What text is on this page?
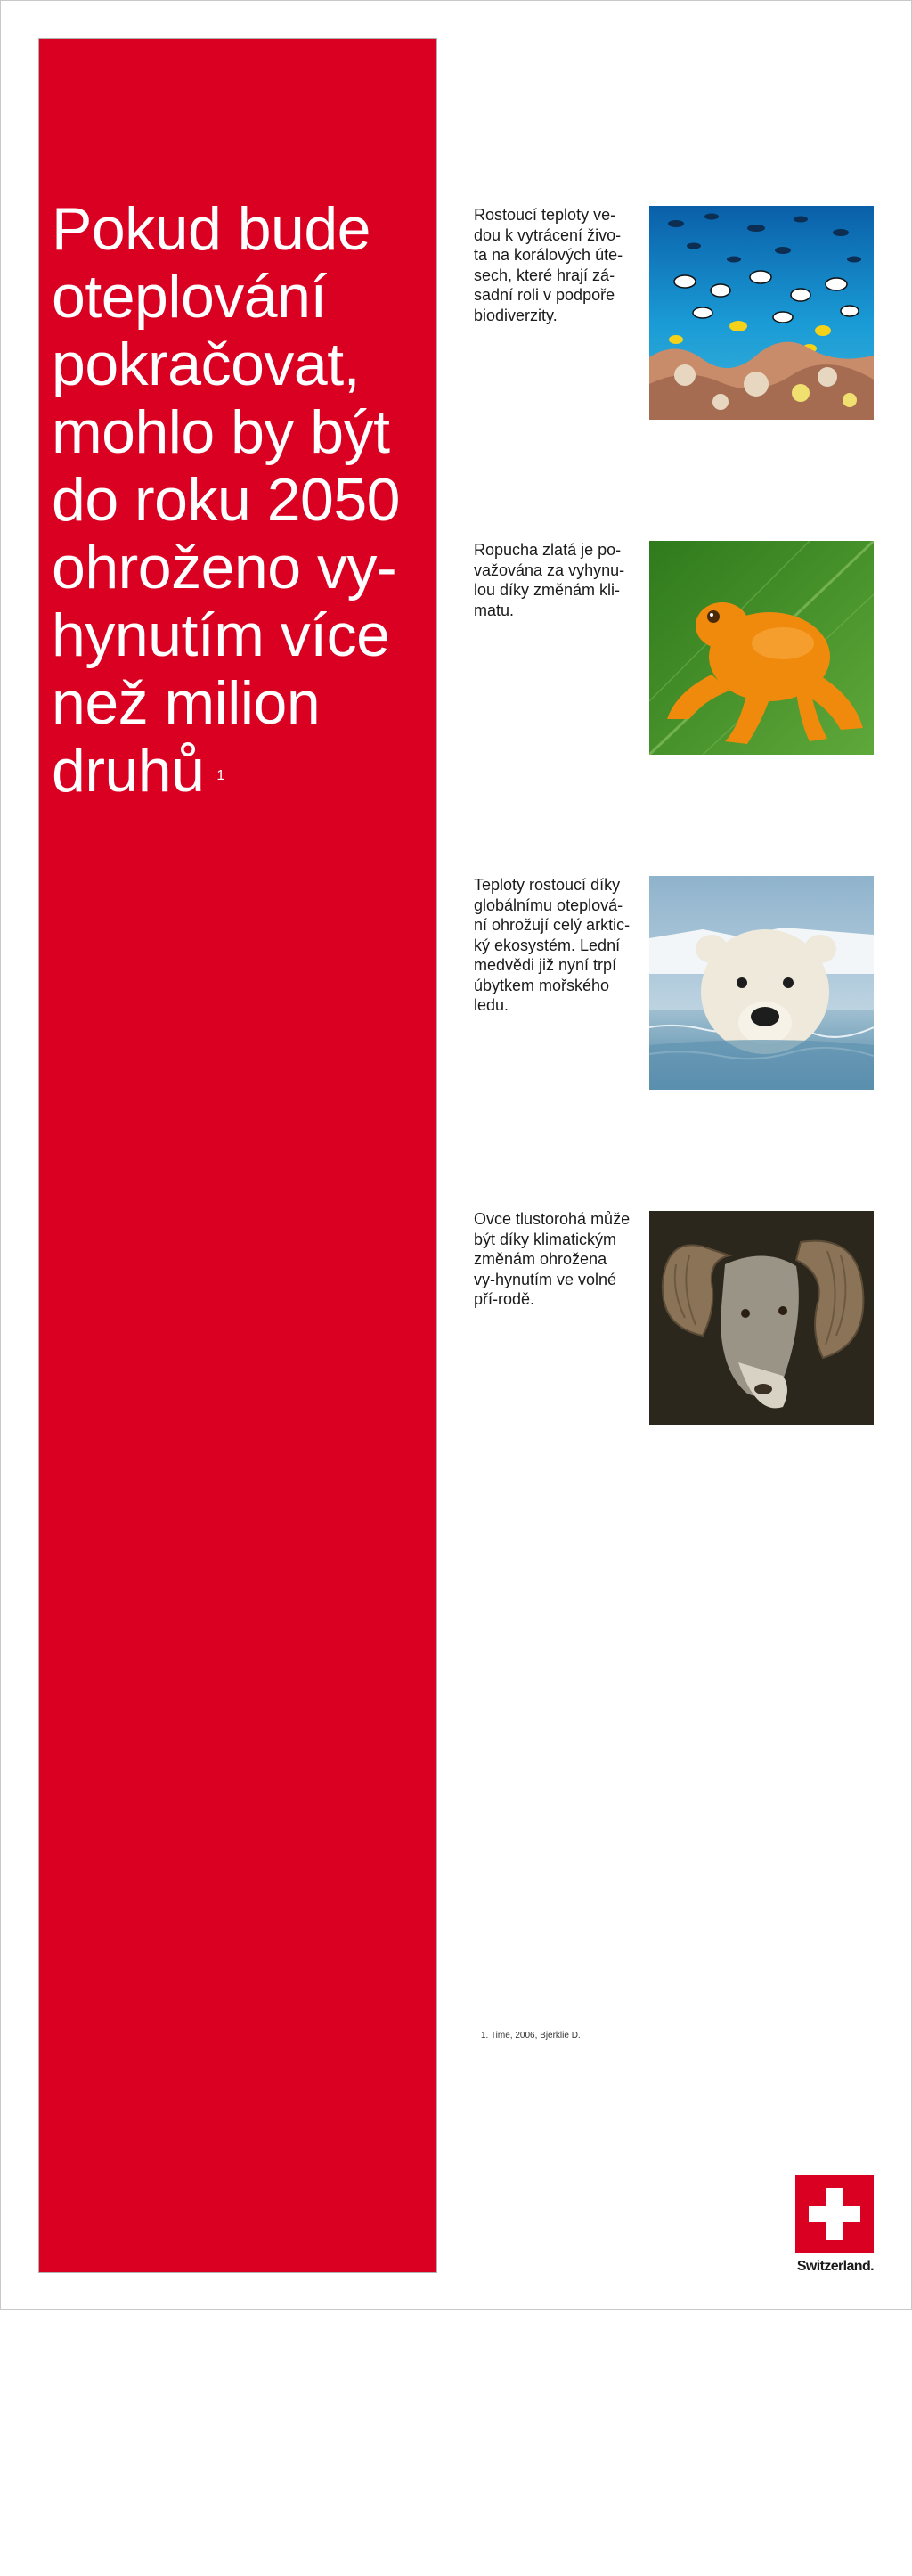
Pokud bude oteplování pokračovat, mohlo by být do roku 2050 ohroženo vy-hynutím více než milion druhů $^1$

Rostoucí teploty ve-dou k vytrácení živo-ta na korálových úte-sech, které hrají zá-sadní roli v podpoře biodiverzity.

Ropucha zlatá je po-važována za vyhynu-lou díky změnám kli-matu.

Teploty rostoucí díky globálnímu oteplová-ní ohrožují celý arktic-ký ekosystém. Lední medvědi již nyní trpí úbytkem mořského ledu.

Ovce tlustorohá může být díky klimatickým změnám ohrožena vy-hynutím ve volné pří-rodě.

1. Time, 2006, Bjerklie D.

Switzerland.
